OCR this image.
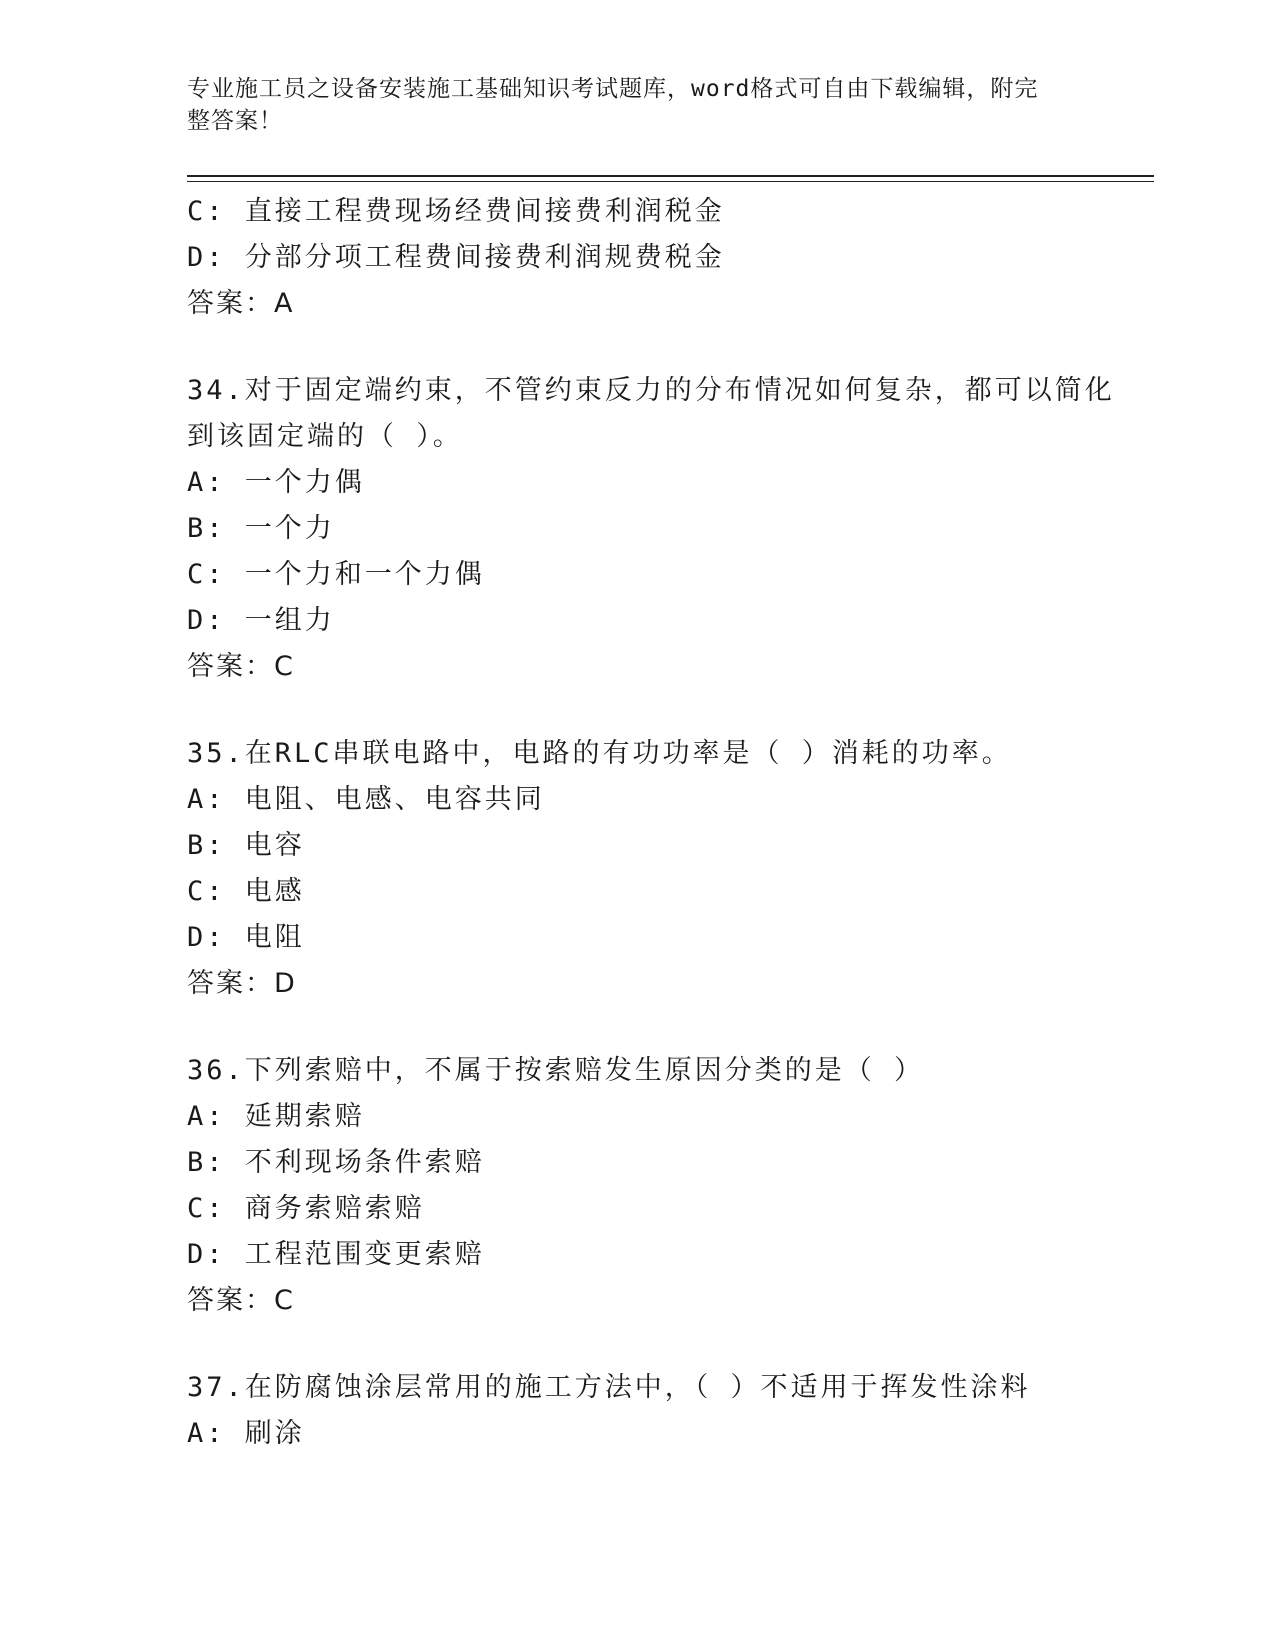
专业施工员之设备安装施工基础知识考试题库，word格式可自由下载编辑，附完
整答案！
C: 直接工程费现场经费间接费利润税金
D: 分部分项工程费间接费利润规费税金
答案：A
34.对于固定端约束，不管约束反力的分布情况如何复杂，都可以简化
到该固定端的（ ）。
A: 一个力偶
B: 一个力
C: 一个力和一个力偶
D: 一组力
答案：C
35.在RLC串联电路中，电路的有功功率是（ ）消耗的功率。
A: 电阻、电感、电容共同
B: 电容
C: 电感
D: 电阻
答案：D
36.下列索赔中，不属于按索赔发生原因分类的是（ ）
A: 延期索赔
B: 不利现场条件索赔
C: 商务索赔索赔
D: 工程范围变更索赔
答案：C
37.在防腐蚀涂层常用的施工方法中，（ ）不适用于挥发性涂料
A: 刷涂
